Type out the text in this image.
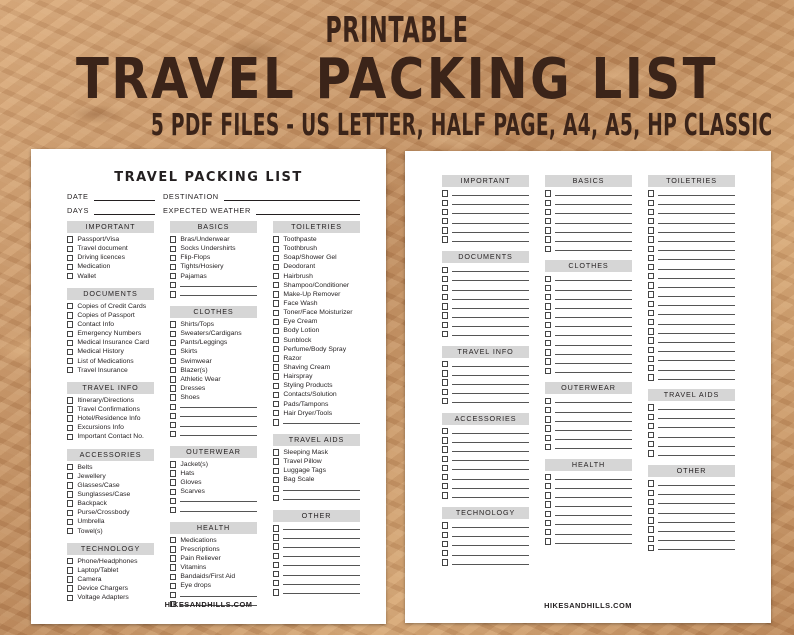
PRINTABLE
TRAVEL PACKING LIST
5 PDF FILES - US LETTER, HALF PAGE, A4, A5, HP CLASSIC
TRAVEL PACKING LIST
DATE	DESTINATION
DAYS	EXPECTED WEATHER
IMPORTANT
Passport/Visa
Travel document
Driving licences
Medication
Wallet
DOCUMENTS
Copies of Credit Cards
Copies of Passport
Contact Info
Emergency Numbers
Medical Insurance Card
Medical History
List of Medications
Travel Insurance
TRAVEL INFO
Itinerary/Directions
Travel Confirmations
Hotel/Residence Info
Excursions Info
Important Contact No.
ACCESSORIES
Belts
Jewellery
Glasses/Case
Sunglasses/Case
Backpack
Purse/Crossbody
Umbrella
Towel(s)
TECHNOLOGY
Phone/Headphones
Laptop/Tablet
Camera
Device Chargers
Voltage Adapters
BASICS
Bras/Underwear
Socks Undershirts
Flip-Flops
Tights/Hosiery
Pajamas
CLOTHES
Shirts/Tops
Sweaters/Cardigans
Pants/Leggings
Skirts
Swimwear
Blazer(s)
Athletic Wear
Dresses
Shoes
OUTERWEAR
Jacket(s)
Hats
Gloves
Scarves
HEALTH
Medications
Prescriptions
Pain Reliever
Vitamins
Bandaids/First Aid
Eye drops
TOILETRIES
Toothpaste
Toothbrush
Soap/Shower Gel
Deodorant
Hairbrush
Shampoo/Conditioner
Make-Up Remover
Face Wash
Toner/Face Moisturizer
Eye Cream
Body Lotion
Sunblock
Perfume/Body Spray
Razor
Shaving Cream
Hairspray
Styling Products
Contacts/Solution
Pads/Tampons
Hair Dryer/Tools
TRAVEL AIDS
Sleeping Mask
Travel Pillow
Luggage Tags
Bag Scale
OTHER
HIKESANDHILLS.COM
IMPORTANT
DOCUMENTS
TRAVEL INFO
ACCESSORIES
TECHNOLOGY
BASICS
CLOTHES
OUTERWEAR
HEALTH
TOILETRIES
TRAVEL AIDS
OTHER
HIKESANDHILLS.COM
